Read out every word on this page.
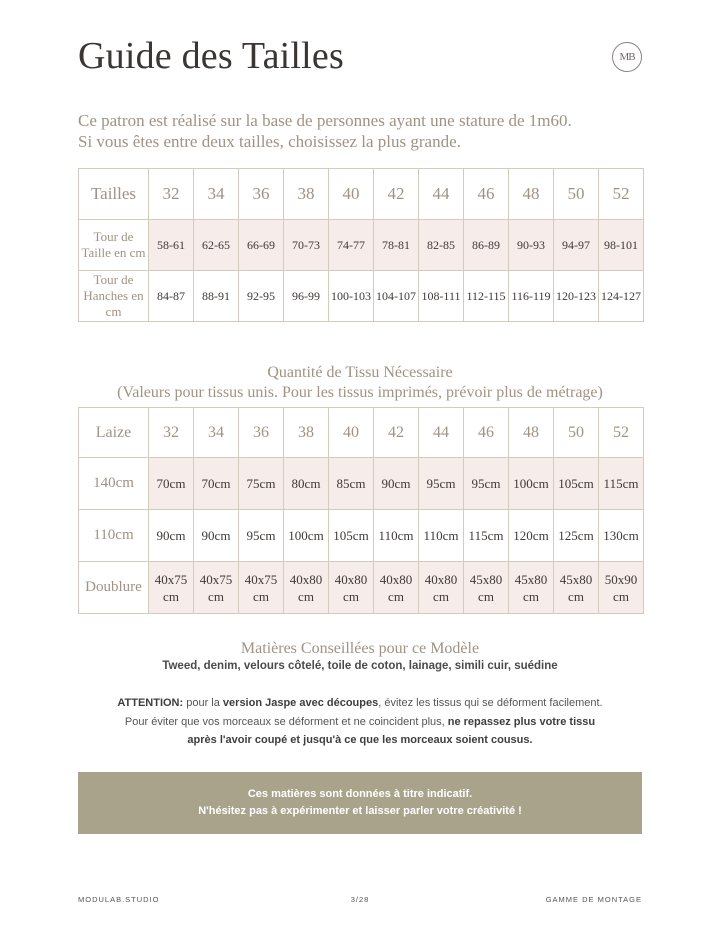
Guide des Tailles	MB
Ce patron est réalisé sur la base de personnes ayant une stature de 1m60.
Si vous êtes entre deux tailles, choisissez la plus grande.
Tailles	32	34	36	38	40	42	44	46	48	50	52
Tour de Taille en cm	58-61	62-65	66-69	70-73	74-77	78-81	82-85	86-89	90-93	94-97	98-101
Tour de Hanches en cm	84-87	88-91	92-95	96-99	100-103	104-107	108-111	112-115	116-119	120-123	124-127
Quantité de Tissu Nécessaire
(Valeurs pour tissus unis. Pour les tissus imprimés, prévoir plus de métrage)
Laize	32	34	36	38	40	42	44	46	48	50	52
140cm	70cm	70cm	75cm	80cm	85cm	90cm	95cm	95cm	100cm	105cm	115cm
110cm	90cm	90cm	95cm	100cm	105cm	110cm	110cm	115cm	120cm	125cm	130cm
Doublure	40x75 cm	40x75 cm	40x75 cm	40x80 cm	40x80 cm	40x80 cm	40x80 cm	45x80 cm	45x80 cm	45x80 cm	50x90 cm
Matières Conseillées pour ce Modèle
Tweed, denim, velours côtelé, toile de coton, lainage, simili cuir, suédine
ATTENTION: pour la version Jaspe avec découpes, évitez les tissus qui se déforment facilement.
Pour éviter que vos morceaux se déforment et ne coincident plus, ne repassez plus votre tissu
après l'avoir coupé et jusqu'à ce que les morceaux soient cousus.
Ces matières sont données à titre indicatif.
N'hésitez pas à expérimenter et laisser parler votre créativité !
MODULAB.STUDIO	3/28	GAMME DE MONTAGE
